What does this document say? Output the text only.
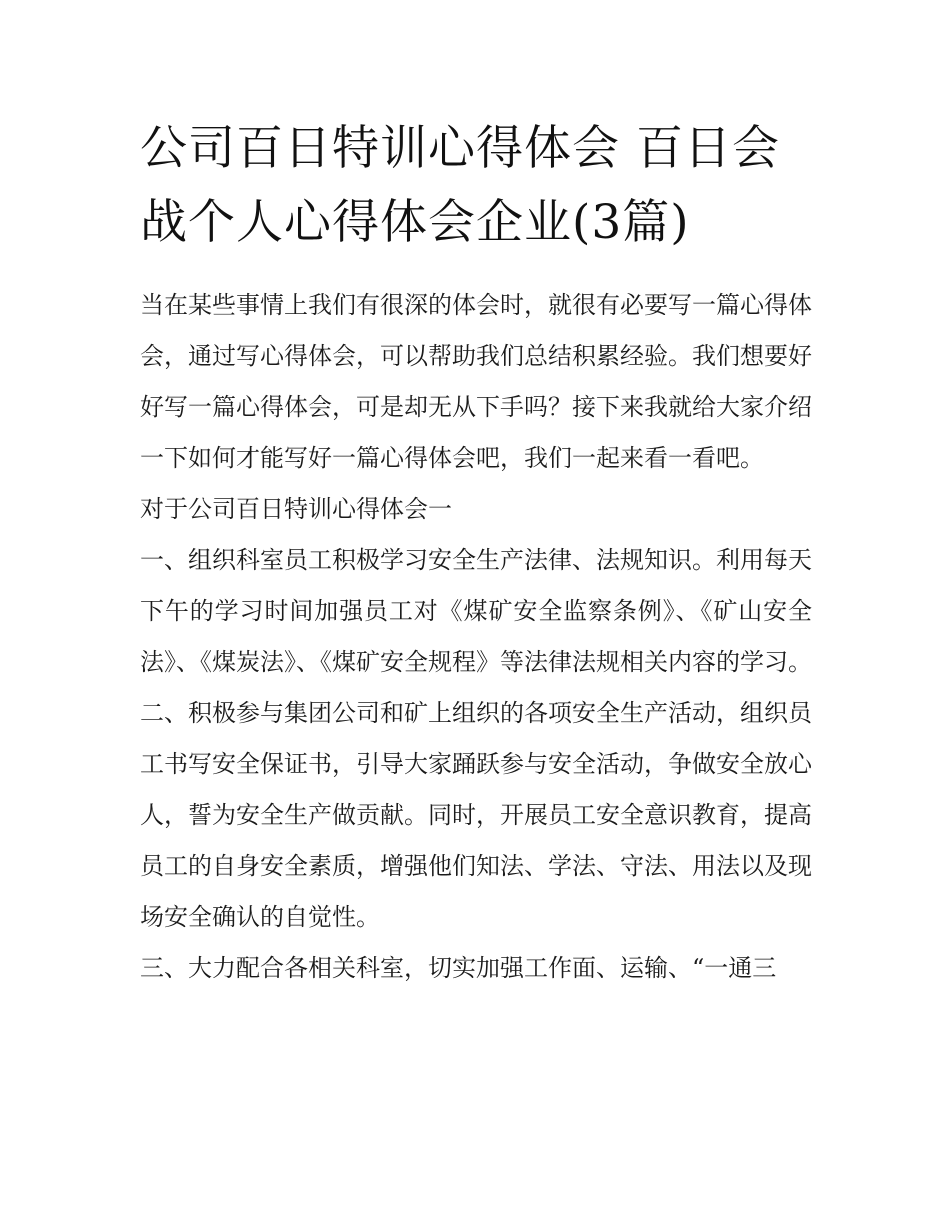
公司百日特训心得体会 百日会战个人心得体会企业(3篇)

当在某些事情上我们有很深的体会时，就很有必要写一篇心得体会，通过写心得体会，可以帮助我们总结积累经验。我们想要好好写一篇心得体会，可是却无从下手吗？接下来我就给大家介绍一下如何才能写好一篇心得体会吧，我们一起来看一看吧。

对于公司百日特训心得体会一

一、组织科室员工积极学习安全生产法律、法规知识。利用每天下午的学习时间加强员工对《煤矿安全监察条例》、《矿山安全法》、《煤炭法》、《煤矿安全规程》等法律法规相关内容的学习。

二、积极参与集团公司和矿上组织的各项安全生产活动，组织员工书写安全保证书，引导大家踊跃参与安全活动，争做安全放心人，誓为安全生产做贡献。同时，开展员工安全意识教育，提高员工的自身安全素质，增强他们知法、学法、守法、用法以及现场安全确认的自觉性。

三、大力配合各相关科室，切实加强工作面、运输、“一通三
